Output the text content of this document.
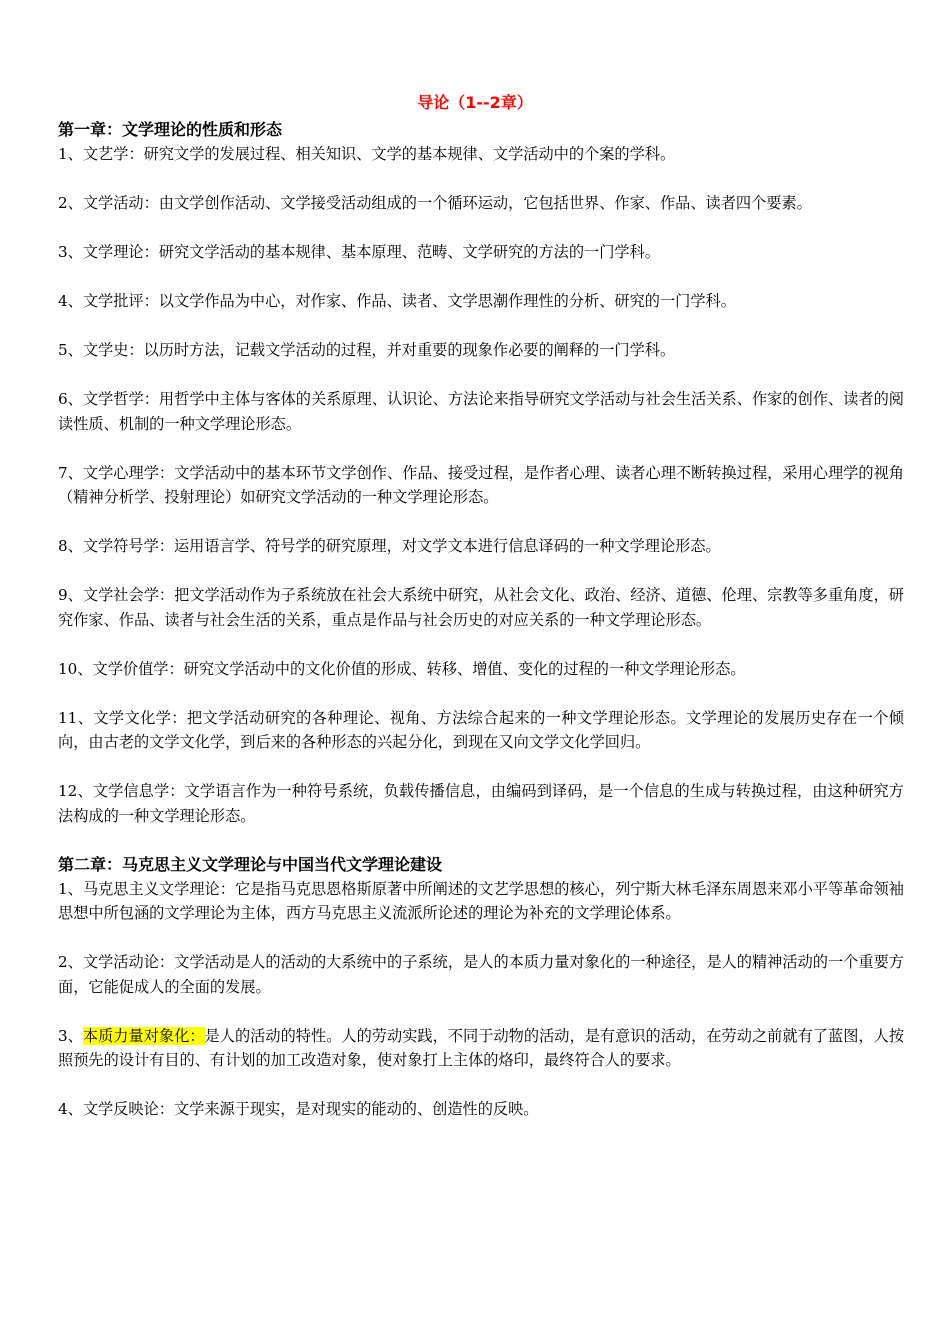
导论（1--2章）

第一章：文学理论的性质和形态

1、文艺学：研究文学的发展过程、相关知识、文学的基本规律、文学活动中的个案的学科。

2、文学活动：由文学创作活动、文学接受活动组成的一个循环运动，它包括世界、作家、作品、读者四个要素。

3、文学理论：研究文学活动的基本规律、基本原理、范畴、文学研究的方法的一门学科。

4、文学批评：以文学作品为中心，对作家、作品、读者、文学思潮作理性的分析、研究的一门学科。

5、文学史：以历时方法，记载文学活动的过程，并对重要的现象作必要的阐释的一门学科。

6、文学哲学：用哲学中主体与客体的关系原理、认识论、方法论来指导研究文学活动与社会生活关系、作家的创作、读者的阅读性质、机制的一种文学理论形态。

7、文学心理学：文学活动中的基本环节文学创作、作品、接受过程，是作者心理、读者心理不断转换过程，采用心理学的视角（精神分析学、投射理论）如研究文学活动的一种文学理论形态。

8、文学符号学：运用语言学、符号学的研究原理，对文学文本进行信息译码的一种文学理论形态。

9、文学社会学：把文学活动作为子系统放在社会大系统中研究，从社会文化、政治、经济、道德、伦理、宗教等多重角度，研究作家、作品、读者与社会生活的关系，重点是作品与社会历史的对应关系的一种文学理论形态。

10、文学价值学：研究文学活动中的文化价值的形成、转移、增值、变化的过程的一种文学理论形态。

11、文学文化学：把文学活动研究的各种理论、视角、方法综合起来的一种文学理论形态。文学理论的发展历史存在一个倾向，由古老的文学文化学，到后来的各种形态的兴起分化，到现在又向文学文化学回归。

12、文学信息学：文学语言作为一种符号系统，负载传播信息，由编码到译码，是一个信息的生成与转换过程，由这种研究方法构成的一种文学理论形态。

第二章：马克思主义文学理论与中国当代文学理论建设

1、马克思主义文学理论：它是指马克思恩格斯原著中所阐述的文艺学思想的核心，列宁斯大林毛泽东周恩来邓小平等革命领袖思想中所包涵的文学理论为主体，西方马克思主义流派所论述的理论为补充的文学理论体系。

2、文学活动论：文学活动是人的活动的大系统中的子系统，是人的本质力量对象化的一种途径，是人的精神活动的一个重要方面，它能促成人的全面的发展。

3、本质力量对象化：是人的活动的特性。人的劳动实践，不同于动物的活动，是有意识的活动，在劳动之前就有了蓝图，人按照预先的设计有目的、有计划的加工改造对象，使对象打上主体的烙印，最终符合人的要求。

4、文学反映论：文学来源于现实，是对现实的能动的、创造性的反映。
